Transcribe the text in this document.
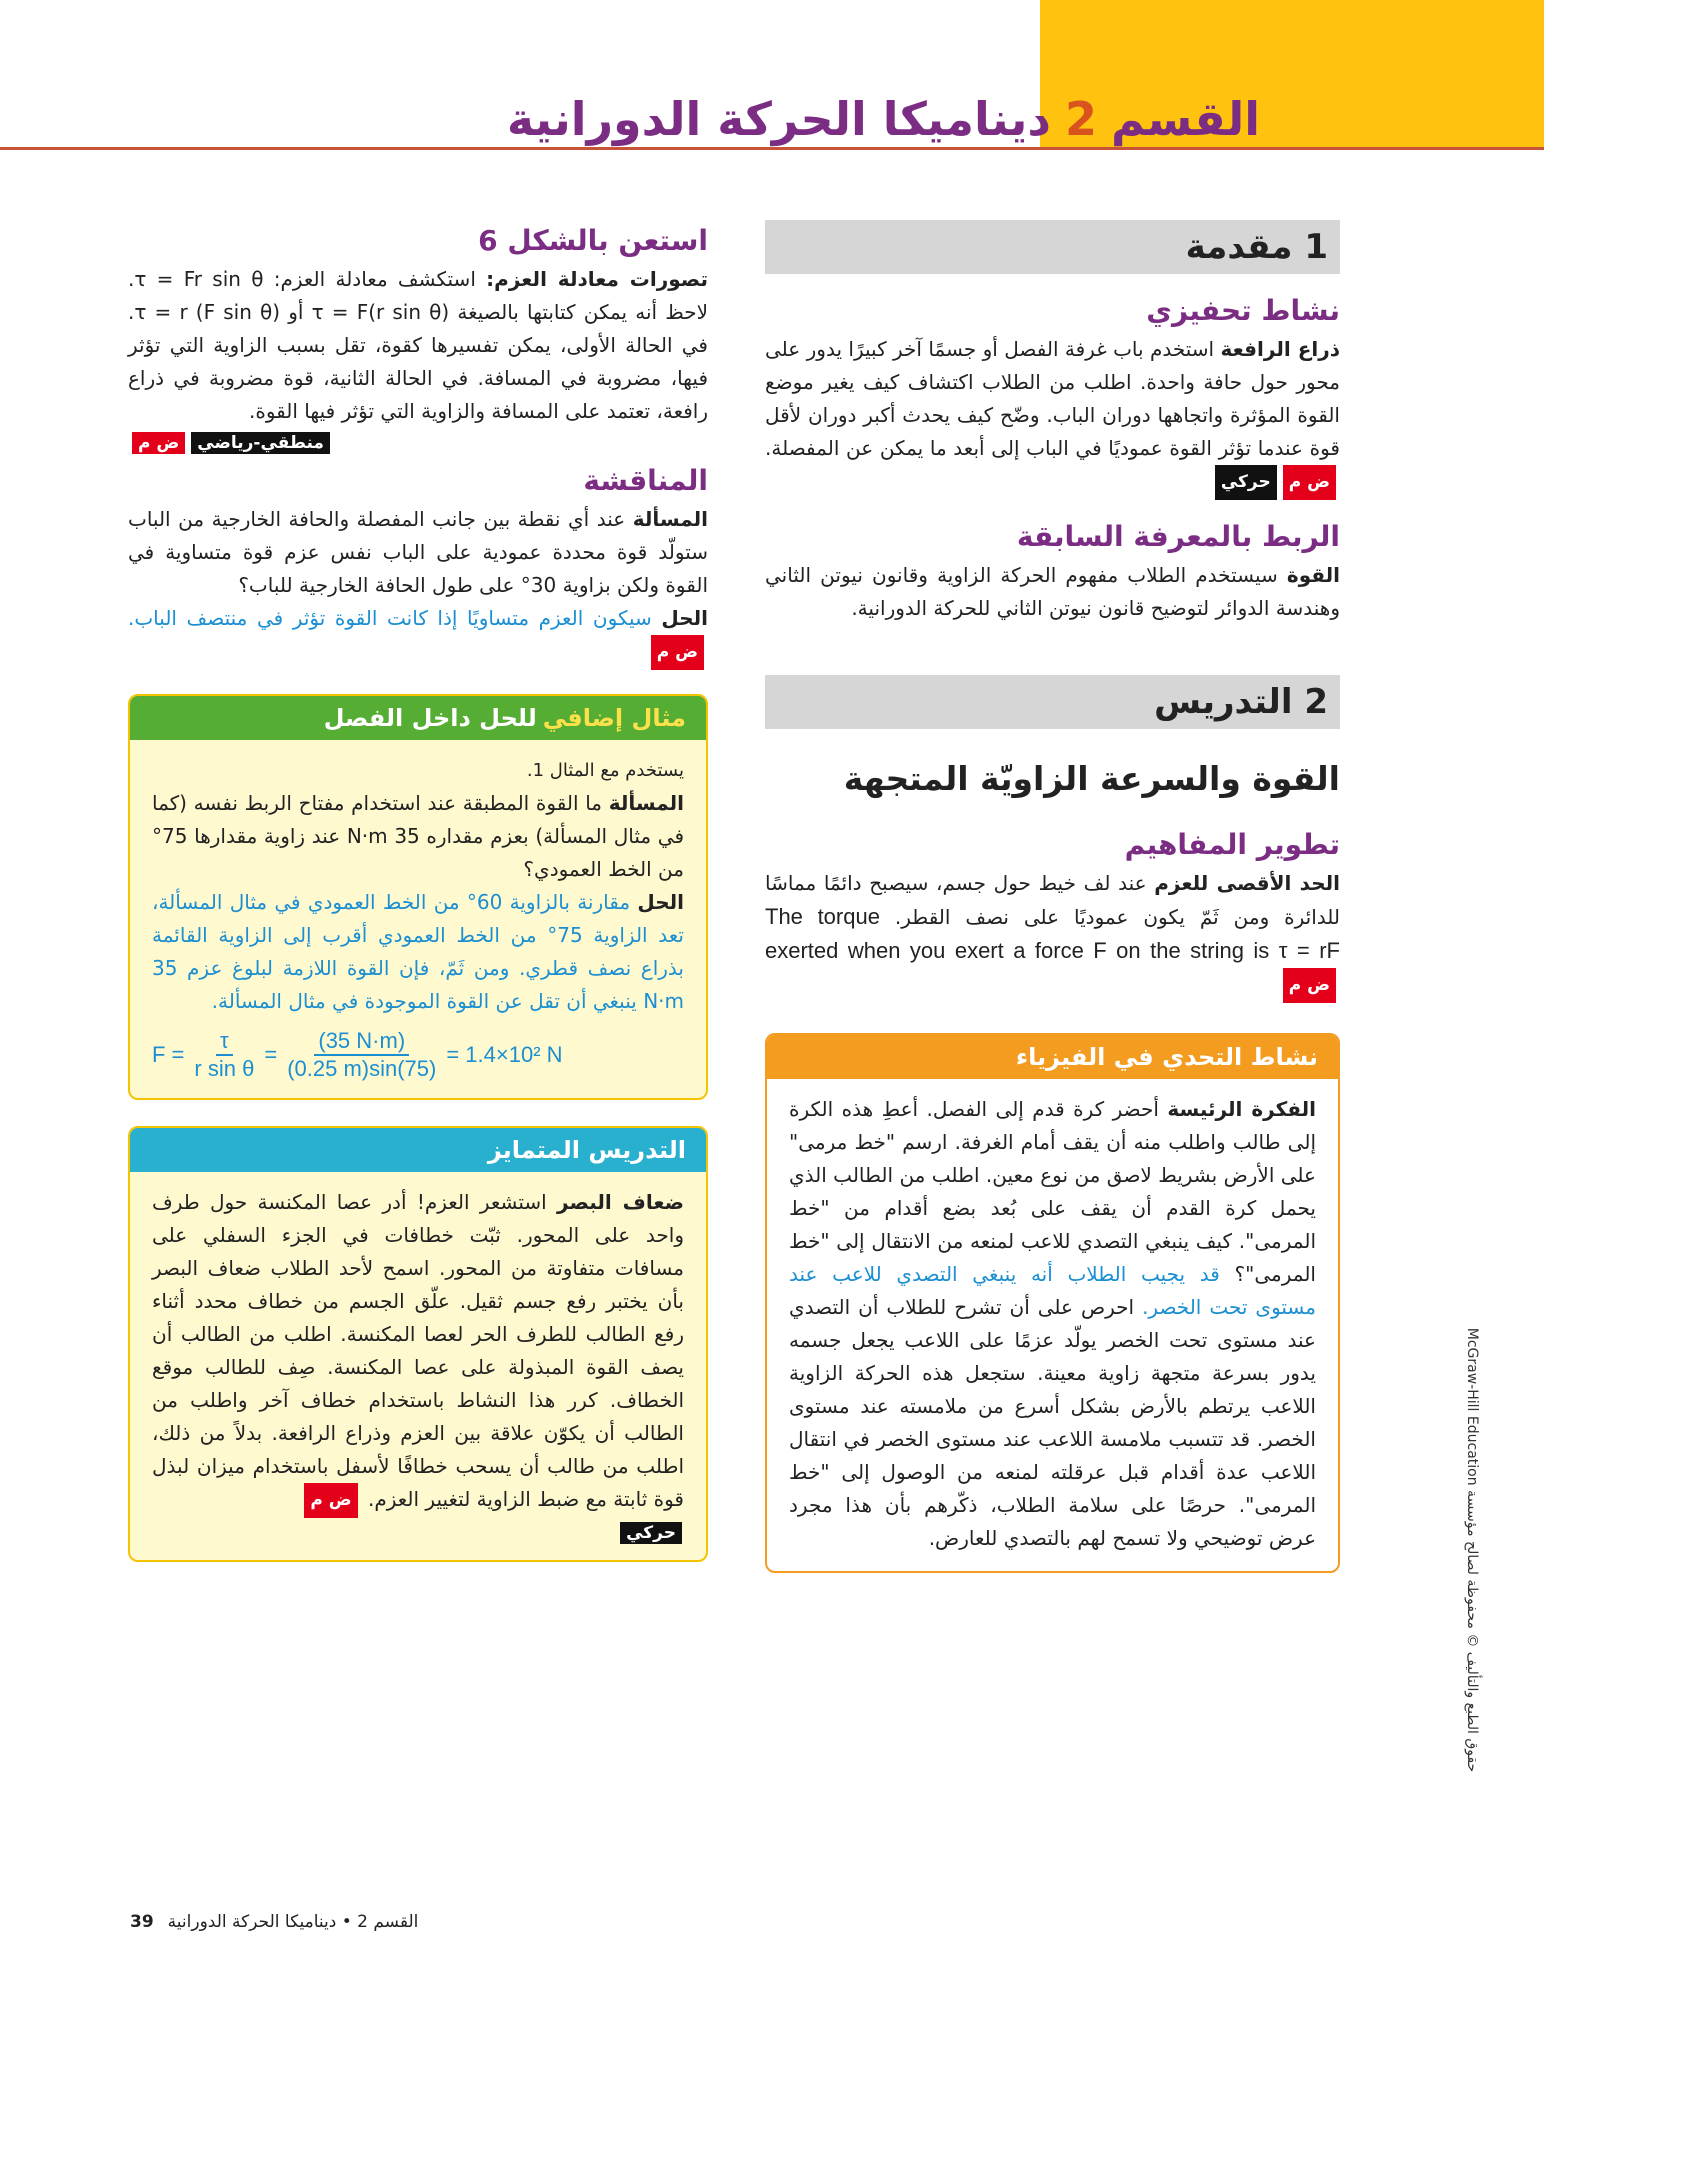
القسم2ديناميكا الحركة الدورانية
1 مقدمة
نشاط تحفيزي

ذراع الرافعة استخدم باب غرفة الفصل أو جسمًا آخر كبيرًا يدور على محور حول حافة واحدة. اطلب من الطلاب اكتشاف كيف يغير موضع القوة المؤثرة واتجاهها دوران الباب. وضّح كيف يحدث أكبر دوران لأقل قوة عندما تؤثر القوة عموديًا في الباب إلى أبعد ما يمكن عن المفصلة. ض محركي

الربط بالمعرفة السابقة

القوة سيستخدم الطلاب مفهوم الحركة الزاوية وقانون نيوتن الثاني وهندسة الدوائر لتوضيح قانون نيوتن الثاني للحركة الدورانية.

2 التدريس
القوة والسرعة الزاويّة المتجهة
تطوير المفاهيم

الحد الأقصى للعزم عند لف خيط حول جسم، سيصبح دائمًا مماسًا للدائرة ومن ثَمّ يكون عموديًا على نصف القطر. The torque exerted when you exert a force F on the string is τ = rF ض م

نشاط التحدي في الفيزياء

الفكرة الرئيسة أحضر كرة قدم إلى الفصل. أعطِ هذه الكرة إلى طالب واطلب منه أن يقف أمام الغرفة. ارسم "خط مرمى" على الأرض بشريط لاصق من نوع معين. اطلب من الطالب الذي يحمل كرة القدم أن يقف على بُعد بضع أقدام من "خط المرمى". كيف ينبغي التصدي للاعب لمنعه من الانتقال إلى "خط المرمى"؟ قد يجيب الطلاب أنه ينبغي التصدي للاعب عند مستوى تحت الخصر. احرص على أن تشرح للطلاب أن التصدي عند مستوى تحت الخصر يولّد عزمًا على اللاعب يجعل جسمه يدور بسرعة متجهة زاوية معينة. ستجعل هذه الحركة الزاوية اللاعب يرتطم بالأرض بشكل أسرع من ملامسته عند مستوى الخصر. قد تتسبب ملامسة اللاعب عند مستوى الخصر في انتقال اللاعب عدة أقدام قبل عرقلته لمنعه من الوصول إلى "خط المرمى". حرصًا على سلامة الطلاب، ذكّرهم بأن هذا مجرد عرض توضيحي ولا تسمح لهم بالتصدي للعارض.

استعن بالشكل 6

تصورات معادلة العزم: استكشف معادلة العزم: τ = Fr sin θ. لاحظ أنه يمكن كتابتها بالصيغة τ = F(r sin θ) أو τ = r (F sin θ). في الحالة الأولى، يمكن تفسيرها كقوة، تقل بسبب الزاوية التي تؤثر فيها، مضروبة في المسافة. في الحالة الثانية، قوة مضروبة في ذراع رافعة، تعتمد على المسافة والزاوية التي تؤثر فيها القوة.

منطقي-رياضيض م
المناقشة

المسألة عند أي نقطة بين جانب المفصلة والحافة الخارجية من الباب ستولّد قوة محددة عمودية على الباب نفس عزم قوة متساوية في القوة ولكن بزاوية 30° على طول الحافة الخارجية للباب؟

الحل سيكون العزم متساويًا إذا كانت القوة تؤثر في منتصف الباب. ض م

مثال إضافي
للحل داخل الفصل

يستخدم مع المثال 1.

المسألة ما القوة المطبقة عند استخدام مفتاح الربط نفسه (كما في مثال المسألة) بعزم مقداره 35 N·m عند زاوية مقدارها 75° من الخط العمودي؟

الحل مقارنة بالزاوية 60° من الخط العمودي في مثال المسألة، تعد الزاوية 75° من الخط العمودي أقرب إلى الزاوية القائمة بذراع نصف قطري. ومن ثَمّ، فإن القوة اللازمة لبلوغ عزم 35 N·m ينبغي أن تقل عن القوة الموجودة في مثال المسألة.

$F = \frac{\tau}{\text{r sin θ}} = \frac{(35 N\cdot m)}{(0.25 m)\sin(75)} = 1.4\times 10^2$ N
التدريس المتمايز

ضعاف البصر استشعر العزم! أدر عصا المكنسة حول طرف واحد على المحور. ثبّت خطافات في الجزء السفلي على مسافات متفاوتة من المحور. اسمح لأحد الطلاب ضعاف البصر بأن يختبر رفع جسم ثقيل. علّق الجسم من خطاف محدد أثناء رفع الطالب للطرف الحر لعصا المكنسة. اطلب من الطالب أن يصف القوة المبذولة على عصا المكنسة. صِف للطالب موقع الخطاف. كرر هذا النشاط باستخدام خطاف آخر واطلب من الطالب أن يكوّن علاقة بين العزم وذراع الرافعة. بدلاً من ذلك، اطلب من طالب أن يسحب خطافًا لأسفل باستخدام ميزان لبذل قوة ثابتة مع ضبط الزاوية لتغيير العزم. ض م

حركي
حقوق الطبع والتأليف © محفوظة لصالح مؤسسة McGraw-Hill Education
القسم 2 • ديناميكا الحركة الدورانية39
